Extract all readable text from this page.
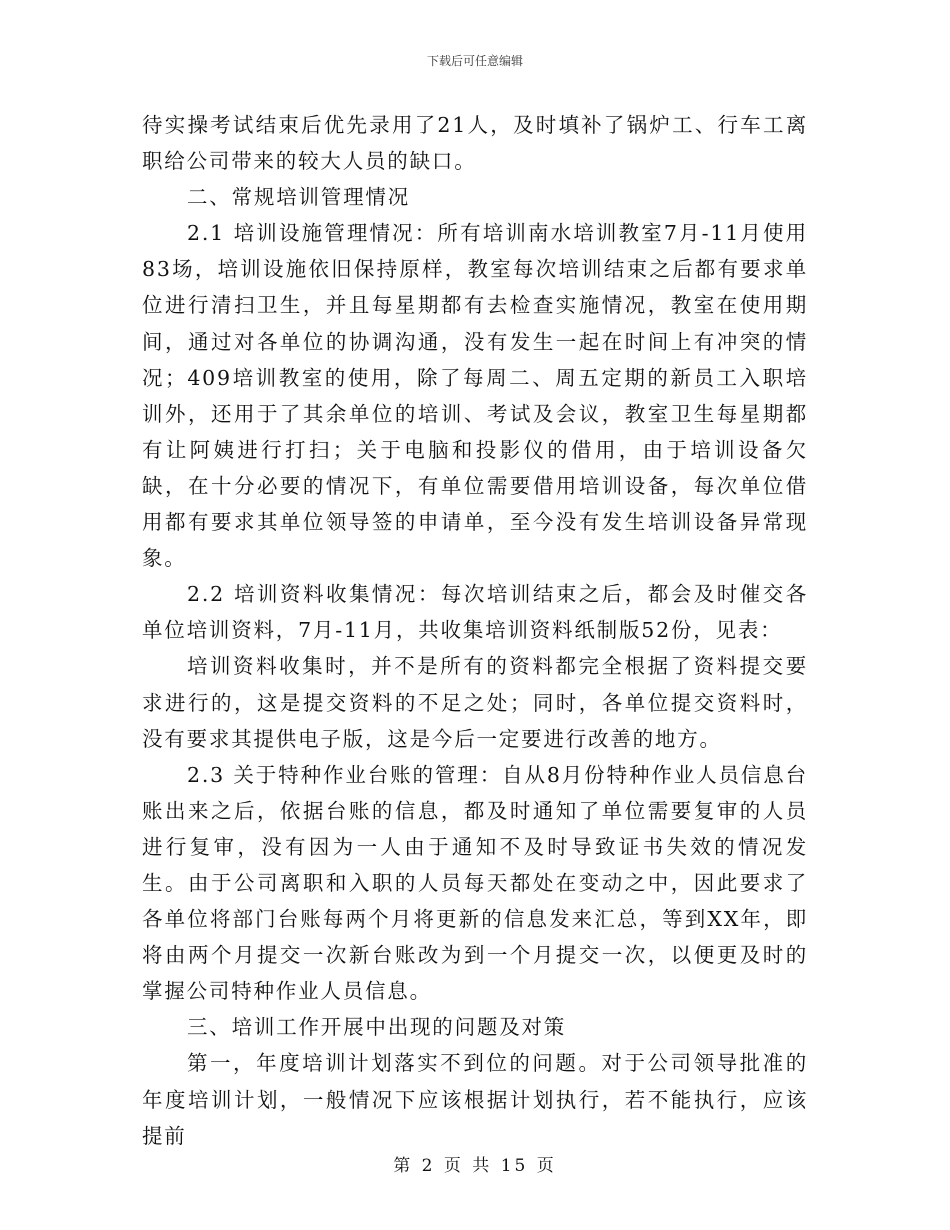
下载后可任意编辑

待实操考试结束后优先录用了21人，及时填补了锅炉工、行车工离职给公司带来的较大人员的缺口。

二、常规培训管理情况

2.1 培训设施管理情况：所有培训南水培训教室7月-11月使用83场，培训设施依旧保持原样，教室每次培训结束之后都有要求单位进行清扫卫生，并且每星期都有去检查实施情况，教室在使用期间，通过对各单位的协调沟通，没有发生一起在时间上有冲突的情况；409培训教室的使用，除了每周二、周五定期的新员工入职培训外，还用于了其余单位的培训、考试及会议，教室卫生每星期都有让阿姨进行打扫；关于电脑和投影仪的借用，由于培训设备欠缺，在十分必要的情况下，有单位需要借用培训设备，每次单位借用都有要求其单位领导签的申请单，至今没有发生培训设备异常现象。

2.2 培训资料收集情况：每次培训结束之后，都会及时催交各单位培训资料，7月-11月，共收集培训资料纸制版52份，见表：

培训资料收集时，并不是所有的资料都完全根据了资料提交要求进行的，这是提交资料的不足之处；同时，各单位提交资料时，没有要求其提供电子版，这是今后一定要进行改善的地方。

2.3 关于特种作业台账的管理：自从8月份特种作业人员信息台账出来之后，依据台账的信息，都及时通知了单位需要复审的人员进行复审，没有因为一人由于通知不及时导致证书失效的情况发生。由于公司离职和入职的人员每天都处在变动之中，因此要求了各单位将部门台账每两个月将更新的信息发来汇总，等到XX年，即将由两个月提交一次新台账改为到一个月提交一次，以便更及时的掌握公司特种作业人员信息。

三、培训工作开展中出现的问题及对策

第一，年度培训计划落实不到位的问题。对于公司领导批准的年度培训计划，一般情况下应该根据计划执行，若不能执行，应该提前

第 2 页 共 15 页
